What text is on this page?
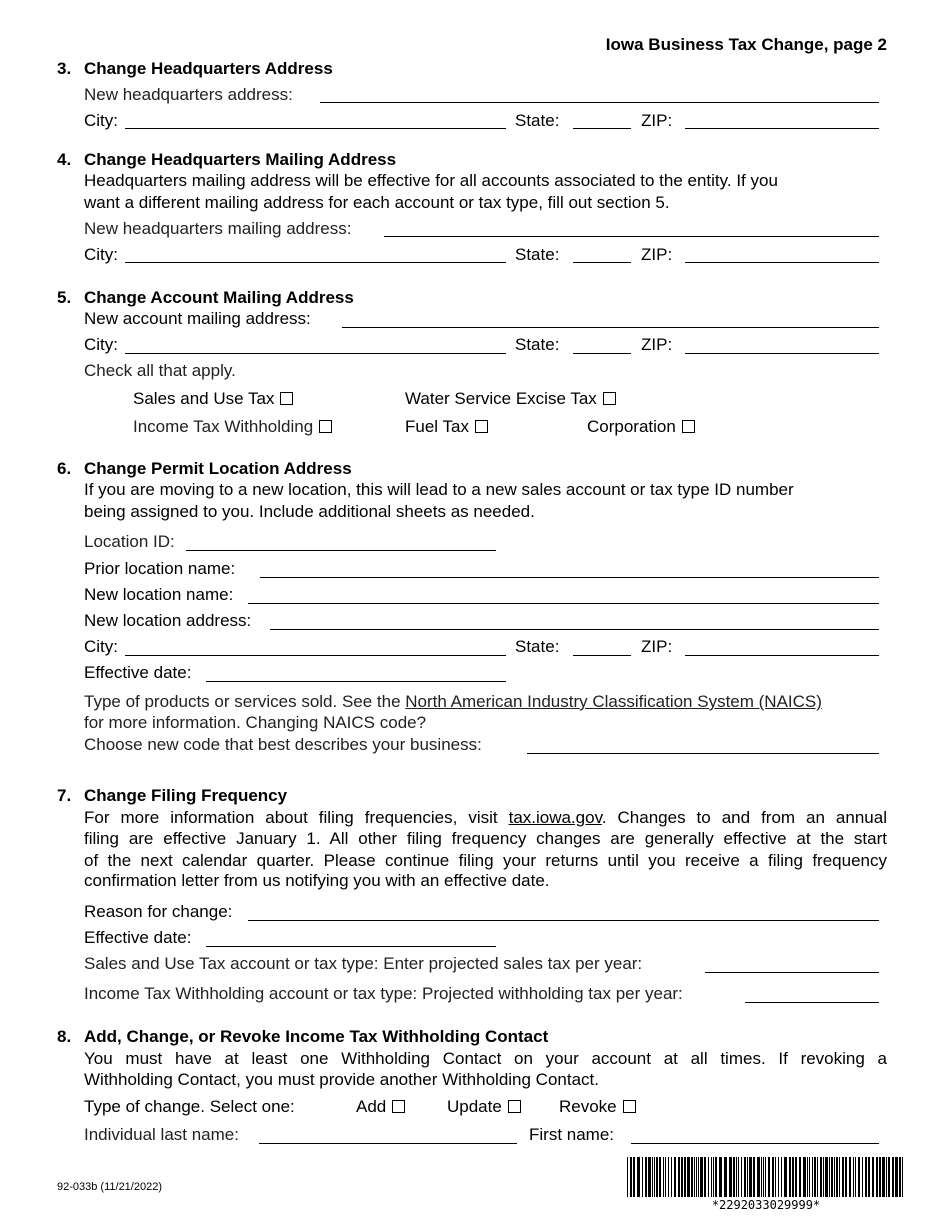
Iowa Business Tax Change, page 2
3. Change Headquarters Address
New headquarters address:
City:	State:	ZIP:
4. Change Headquarters Mailing Address
Headquarters mailing address will be effective for all accounts associated to the entity. If you
want a different mailing address for each account or tax type, fill out section 5.
New headquarters mailing address:
City:	State:	ZIP:
5. Change Account Mailing Address
New account mailing address:
City:	State:	ZIP:
Check all that apply.
Sales and Use Tax	Water Service Excise Tax
Income Tax Withholding	Fuel Tax	Corporation
6. Change Permit Location Address
If you are moving to a new location, this will lead to a new sales account or tax type ID number
being assigned to you. Include additional sheets as needed.
Location ID:
Prior location name:
New location name:
New location address:
City:	State:	ZIP:
Effective date:
Type of products or services sold. See the North American Industry Classification System (NAICS)
for more information. Changing NAICS code?
Choose new code that best describes your business:
7. Change Filing Frequency
For more information about filing frequencies, visit tax.iowa.gov. Changes to and from an annual
filing are effective January 1. All other filing frequency changes are generally effective at the start
of the next calendar quarter. Please continue filing your returns until you receive a filing frequency
confirmation letter from us notifying you with an effective date.
Reason for change:
Effective date:
Sales and Use Tax account or tax type: Enter projected sales tax per year:
Income Tax Withholding account or tax type: Projected withholding tax per year:
8. Add, Change, or Revoke Income Tax Withholding Contact
You must have at least one Withholding Contact on your account at all times. If revoking a
Withholding Contact, you must provide another Withholding Contact.
Type of change. Select one:	Add	Update	Revoke
Individual last name:	First name:
92-033b (11/21/2022)
*2292033029999*
